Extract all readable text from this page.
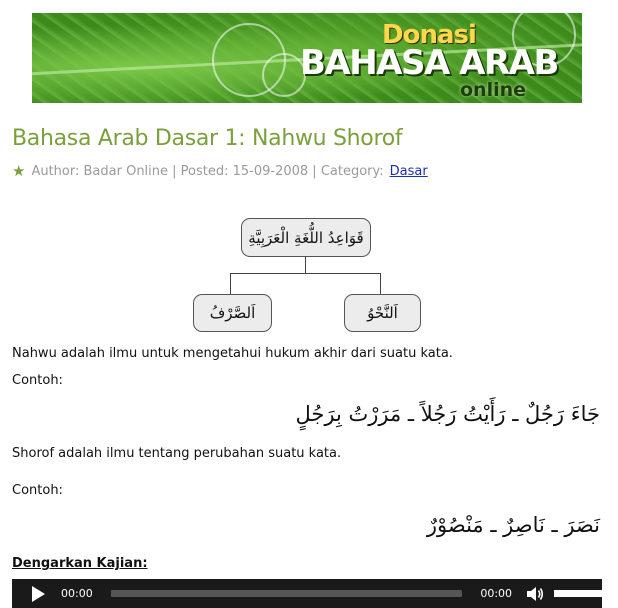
Donasi
BAHASA ARAB
online
Bahasa Arab Dasar 1: Nahwu Shorof
★ Author: Badar Online | Posted: 15-09-2008 | Category: Dasar
قَوَاعِدُ اللُّغَةِ الْعَرَبِيَّةِ
اَلصَّرْفُ	اَلنَّحْوُ

Nahwu adalah ilmu untuk mengetahui hukum akhir dari suatu kata.

Contoh:

جَاءَ رَجُلٌ ـ رَأَيْتُ رَجُلاً ـ مَرَرْتُ بِرَجُلٍ

Shorof adalah ilmu tentang perubahan suatu kata.

Contoh:

نَصَرَ ـ نَاصِرٌ ـ مَنْصُوْرٌ
Dengarkan Kajian:
00:00	00:00
